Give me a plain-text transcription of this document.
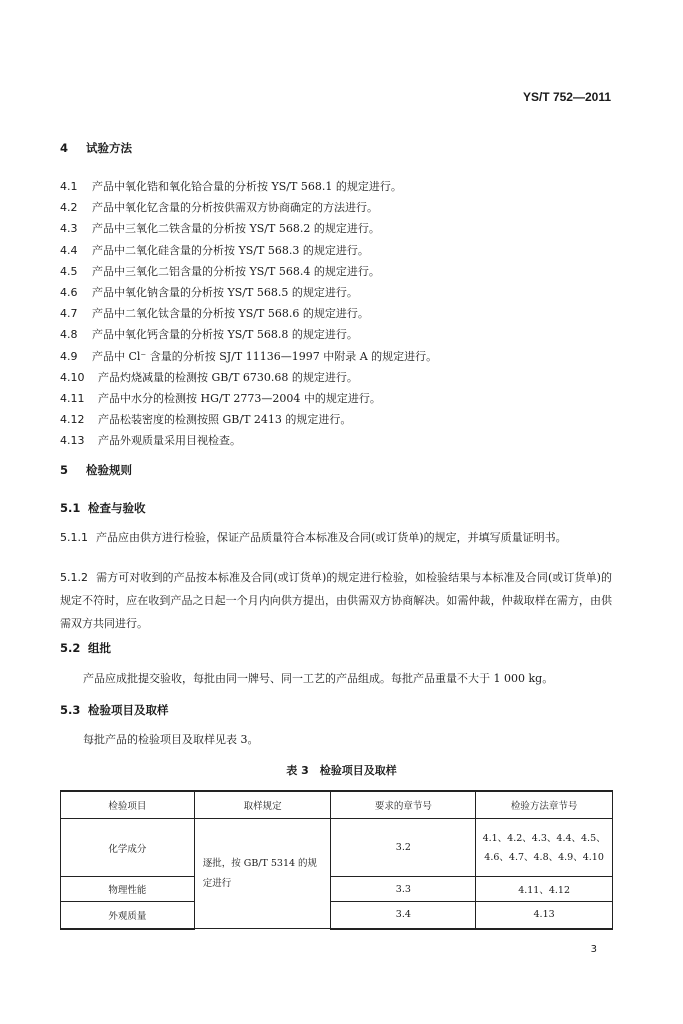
YS/T 752—2011
4 试验方法
4.1 产品中氧化锆和氧化铪合量的分析按 YS/T 568.1 的规定进行。
4.2 产品中氧化钇含量的分析按供需双方协商确定的方法进行。
4.3 产品中三氧化二铁含量的分析按 YS/T 568.2 的规定进行。
4.4 产品中二氧化硅含量的分析按 YS/T 568.3 的规定进行。
4.5 产品中三氧化二铝含量的分析按 YS/T 568.4 的规定进行。
4.6 产品中氧化钠含量的分析按 YS/T 568.5 的规定进行。
4.7 产品中二氧化钛含量的分析按 YS/T 568.6 的规定进行。
4.8 产品中氧化钙含量的分析按 YS/T 568.8 的规定进行。
4.9 产品中 Cl⁻ 含量的分析按 SJ/T 11136—1997 中附录 A 的规定进行。
4.10 产品灼烧减量的检测按 GB/T 6730.68 的规定进行。
4.11 产品中水分的检测按 HG/T 2773—2004 中的规定进行。
4.12 产品松装密度的检测按照 GB/T 2413 的规定进行。
4.13 产品外观质量采用目视检查。
5 检验规则
5.1 检查与验收
5.1.1 产品应由供方进行检验，保证产品质量符合本标准及合同(或订货单)的规定，并填写质量证明书。
5.1.2 需方可对收到的产品按本标准及合同(或订货单)的规定进行检验，如检验结果与本标准及合同(或订货单)的规定不符时，应在收到产品之日起一个月内向供方提出，由供需双方协商解决。如需仲裁，仲裁取样在需方，由供需双方共同进行。
5.2 组批
产品应成批提交验收，每批由同一牌号、同一工艺的产品组成。每批产品重量不大于 1 000 kg。
5.3 检验项目及取样
每批产品的检验项目及取样见表 3。
表 3　检验项目及取样
检验项目	取样规定	要求的章节号	检验方法章节号
化学成分	逐批，按 GB/T 5314 的规定进行	3.2	4.1、4.2、4.3、4.4、4.5、
4.6、4.7、4.8、4.9、4.10

物理性能		3.3	4.11、4.12
外观质量		3.4	4.13
3
